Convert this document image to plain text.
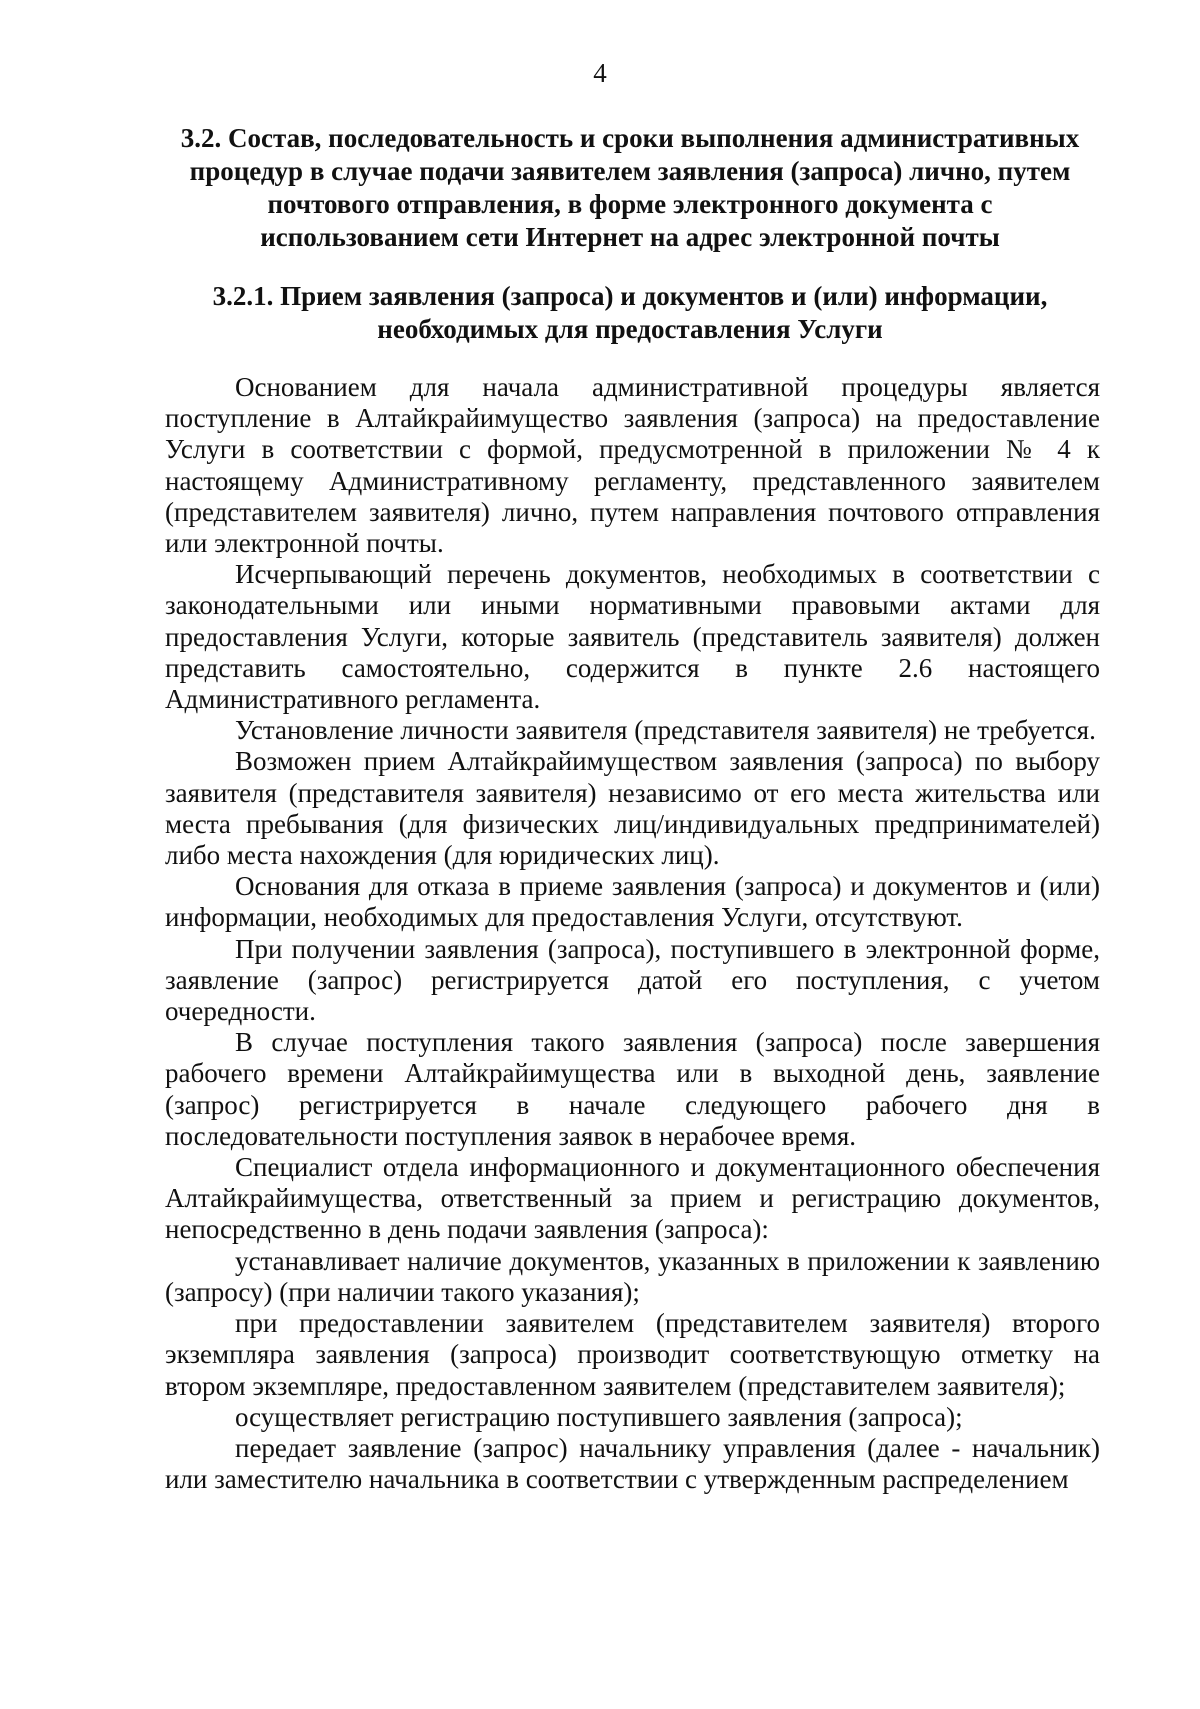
4
3.2. Состав, последовательность и сроки выполнения административных процедур в случае подачи заявителем заявления (запроса) лично, путем почтового отправления, в форме электронного документа с использованием сети Интернет на адрес электронной почты
3.2.1. Прием заявления (запроса) и документов и (или) информации, необходимых для предоставления Услуги

Основанием для начала административной процедуры является поступление в Алтайкрайимущество заявления (запроса) на предоставление Услуги в соответствии с формой, предусмотренной в приложении № 4 к настоящему Административному регламенту, представленного заявителем (представителем заявителя) лично, путем направления почтового отправления или электронной почты.

Исчерпывающий перечень документов, необходимых в соответствии с законодательными или иными нормативными правовыми актами для предоставления Услуги, которые заявитель (представитель заявителя) должен представить самостоятельно, содержится в пункте 2.6 настоящего Административного регламента.

Установление личности заявителя (представителя заявителя) не требуется.

Возможен прием Алтайкрайимуществом заявления (запроса) по выбору заявителя (представителя заявителя) независимо от его места жительства или места пребывания (для физических лиц/индивидуальных предпринимателей) либо места нахождения (для юридических лиц).

Основания для отказа в приеме заявления (запроса) и документов и (или) информации, необходимых для предоставления Услуги, отсутствуют.

При получении заявления (запроса), поступившего в электронной форме, заявление (запрос) регистрируется датой его поступления, с учетом очередности.

В случае поступления такого заявления (запроса) после завершения рабочего времени Алтайкрайимущества или в выходной день, заявление (запрос) регистрируется в начале следующего рабочего дня в последовательности поступления заявок в нерабочее время.

Специалист отдела информационного и документационного обеспечения Алтайкрайимущества, ответственный за прием и регистрацию документов, непосредственно в день подачи заявления (запроса):

устанавливает наличие документов, указанных в приложении к заявлению (запросу) (при наличии такого указания);

при предоставлении заявителем (представителем заявителя) второго экземпляра заявления (запроса) производит соответствующую отметку на втором экземпляре, предоставленном заявителем (представителем заявителя);

осуществляет регистрацию поступившего заявления (запроса);

передает заявление (запрос) начальнику управления (далее - начальник) или заместителю начальника в соответствии с утвержденным распределением
